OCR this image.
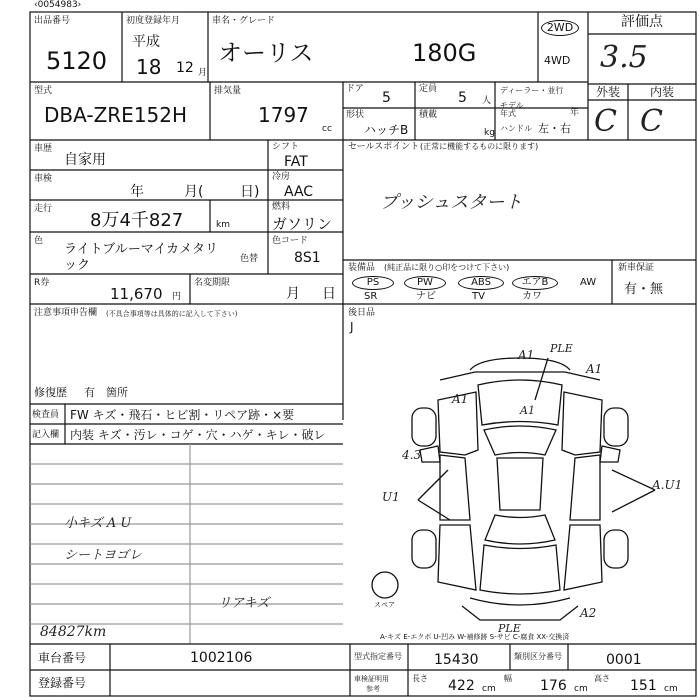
‹0054983›
出品番号
5120
初度登録年月
平成
18 12 月
車名・グレード
オーリス	180G
2WD
4WD
評価点
3.5
外装	内装
C C
型式
DBA-ZRE152H
排気量
1797
cc
ドア
5
定員
5 人
形状
ハッチB
積載
kg
ディーラー・並行
モデル年式	年
ハンドル 左・右
車歴
自家用
シフト
FAT
セールスポイント (正常に機能するものに限ります)
プッシュスタート
車検
年	月(	日)
冷房
AAC
走行
8万4千827	km
燃料
ガソリン
色
ライトブルーマイカメタリ
ック	色替
色コード
8S1
R券
11,670 円
名変期限
月 日
装備品 (純正品に限り○印をつけて下さい)
PS	PW	ABS	エアB	AW
SR	ナビ	TV	カワ
新車保証
有・無
注意事項申告欄 (不具合事項等は具体的に記入して下さい)
修復歴 有 箇所
後日品
J
検査員
記入欄
FW キズ・飛石・ヒビ割・リペア跡・×要
内装 キズ・汚レ・コゲ・穴・ハゲ・キレ・破レ
小キズ A U
シートヨゴレ
リアキズ
84827km
A1 PLE
A1
A1
A1
4.3
U1
A.U1
PLE
A2
スペア
A-キズ E-エクボ U-凹み W-補修跡 S-サビ C-腐食 XX-交換済
車台番号	1002106
登録番号
型式指定番号 15430	類別区分番号	0001
車検証明用
参考
長さ 422 cm
幅 176 cm
高さ 151 cm
